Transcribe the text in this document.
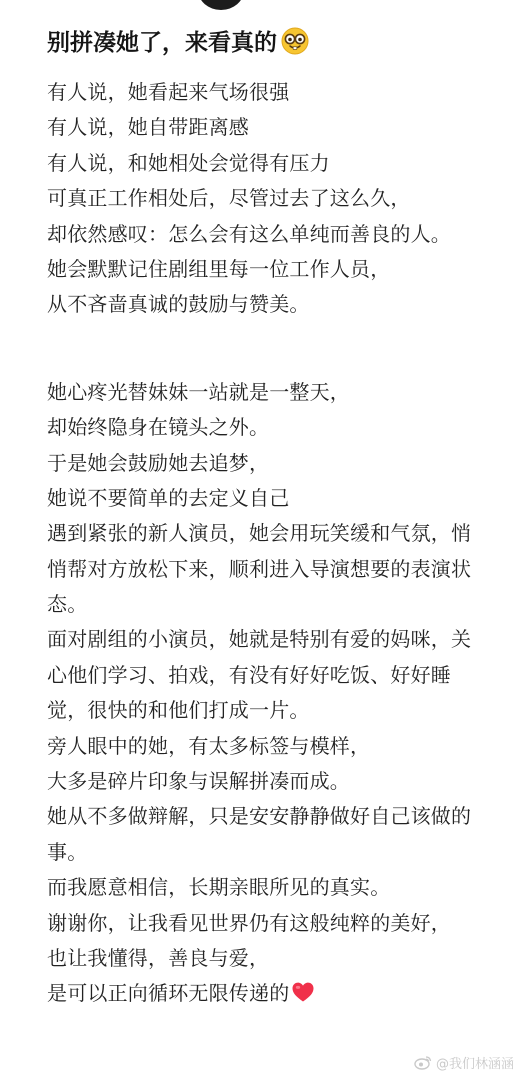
别拼凑她了，来看真的
有人说，她看起来气场很强
有人说，她自带距离感
有人说，和她相处会觉得有压力
可真正工作相处后，尽管过去了这么久，
却依然感叹：怎么会有这么单纯而善良的人。
她会默默记住剧组里每一位工作人员，
从不吝啬真诚的鼓励与赞美。
她心疼光替妹妹一站就是一整天，
却始终隐身在镜头之外。
于是她会鼓励她去追梦，
她说不要简单的去定义自己
遇到紧张的新人演员，她会用玩笑缓和气氛，悄
悄帮对方放松下来，顺利进入导演想要的表演状
态。
面对剧组的小演员，她就是特别有爱的妈咪，关
心他们学习、拍戏，有没有好好吃饭、好好睡
觉，很快的和他们打成一片。
旁人眼中的她，有太多标签与模样，
大多是碎片印象与误解拼凑而成。
她从不多做辩解，只是安安静静做好自己该做的
事。
而我愿意相信，长期亲眼所见的真实。
谢谢你，让我看见世界仍有这般纯粹的美好，
也让我懂得，善良与爱，
是可以正向循环无限传递的
@我们林涵涵
